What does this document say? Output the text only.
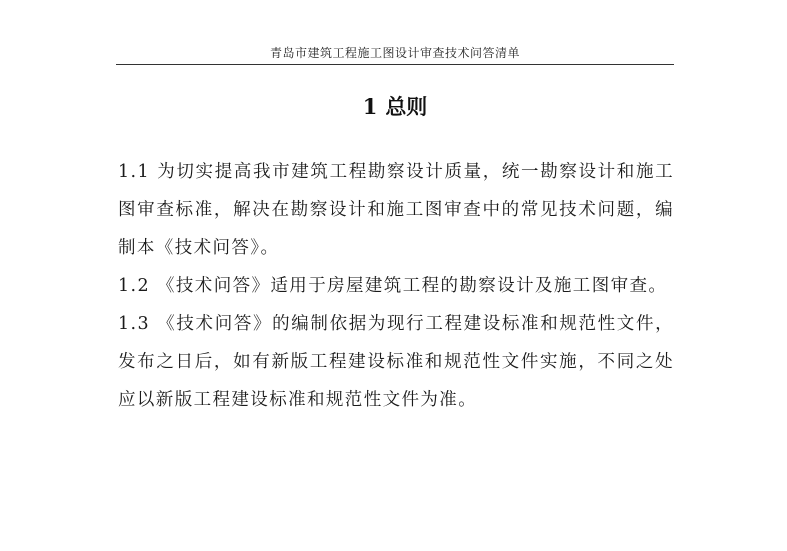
青岛市建筑工程施工图设计审查技术问答清单
1 总则

1.1 为切实提高我市建筑工程勘察设计质量，统一勘察设计和施工图审查标准，解决在勘察设计和施工图审查中的常见技术问题，编制本《技术问答》。

1.2 《技术问答》适用于房屋建筑工程的勘察设计及施工图审查。

1.3 《技术问答》的编制依据为现行工程建设标准和规范性文件，发布之日后，如有新版工程建设标准和规范性文件实施，不同之处应以新版工程建设标准和规范性文件为准。
